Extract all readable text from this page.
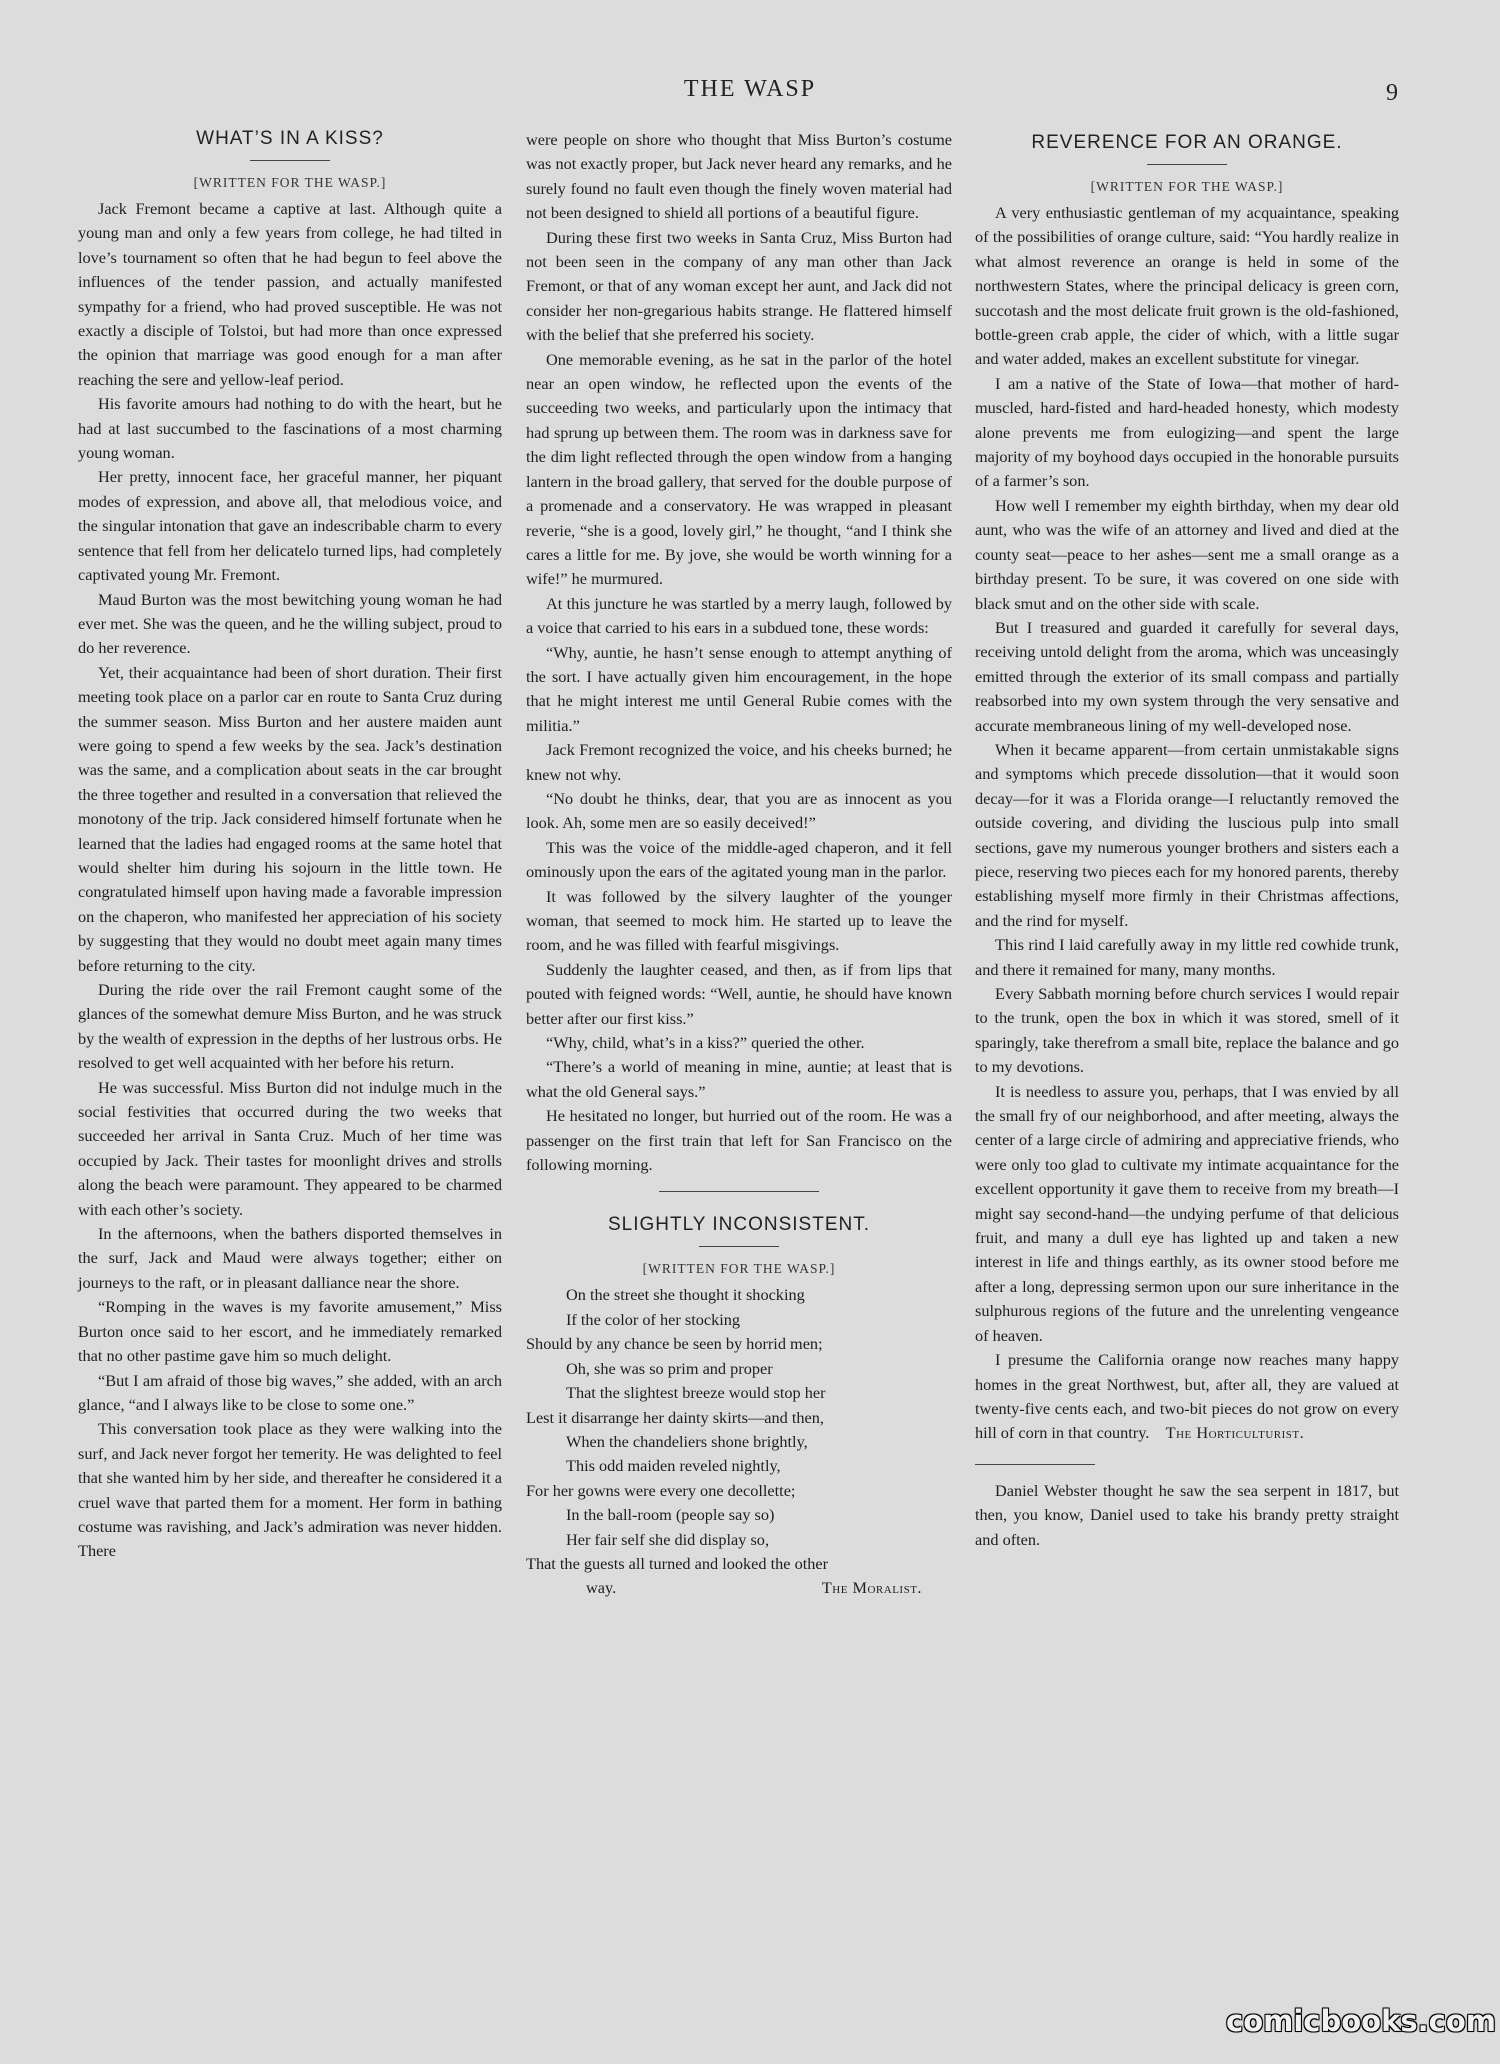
THE WASP	9
WHAT’S IN A KISS?
[WRITTEN FOR THE WASP.]

Jack Fremont became a captive at last. Although quite a young man and only a few years from college, he had tilted in love’s tournament so often that he had begun to feel above the influences of the tender passion, and actually manifested sympathy for a friend, who had proved susceptible. He was not exactly a disciple of Tolstoi, but had more than once expressed the opinion that marriage was good enough for a man after reaching the sere and yellow-leaf period.

His favorite amours had nothing to do with the heart, but he had at last succumbed to the fascinations of a most charming young woman.

Her pretty, innocent face, her graceful manner, her piquant modes of expression, and above all, that melodious voice, and the singular intonation that gave an indescribable charm to every sentence that fell from her delicatelo turned lips, had completely captivated young Mr. Fremont.

Maud Burton was the most bewitching young woman he had ever met. She was the queen, and he the willing subject, proud to do her reverence.

Yet, their acquaintance had been of short duration. Their first meeting took place on a parlor car en route to Santa Cruz during the summer season. Miss Burton and her austere maiden aunt were going to spend a few weeks by the sea. Jack’s destination was the same, and a complication about seats in the car brought the three together and resulted in a conversation that relieved the monotony of the trip. Jack considered himself fortunate when he learned that the ladies had engaged rooms at the same hotel that would shelter him during his sojourn in the little town. He congratulated himself upon having made a favorable impression on the chaperon, who manifested her appreciation of his society by suggesting that they would no doubt meet again many times before returning to the city.

During the ride over the rail Fremont caught some of the glances of the somewhat demure Miss Burton, and he was struck by the wealth of expression in the depths of her lustrous orbs. He resolved to get well acquainted with her before his return.

He was successful. Miss Burton did not indulge much in the social festivities that occurred during the two weeks that succeeded her arrival in Santa Cruz. Much of her time was occupied by Jack. Their tastes for moonlight drives and strolls along the beach were paramount. They appeared to be charmed with each other’s society.

In the afternoons, when the bathers disported themselves in the surf, Jack and Maud were always together; either on journeys to the raft, or in pleasant dalliance near the shore.

“Romping in the waves is my favorite amusement,” Miss Burton once said to her escort, and he immediately remarked that no other pastime gave him so much delight.

“But I am afraid of those big waves,” she added, with an arch glance, “and I always like to be close to some one.”

This conversation took place as they were walking into the surf, and Jack never forgot her temerity. He was delighted to feel that she wanted him by her side, and thereafter he considered it a cruel wave that parted them for a moment. Her form in bathing costume was ravishing, and Jack’s admiration was never hidden. There

were people on shore who thought that Miss Burton’s costume was not exactly proper, but Jack never heard any remarks, and he surely found no fault even though the finely woven material had not been designed to shield all portions of a beautiful figure.

During these first two weeks in Santa Cruz, Miss Burton had not been seen in the company of any man other than Jack Fremont, or that of any woman except her aunt, and Jack did not consider her non-gregarious habits strange. He flattered himself with the belief that she preferred his society.

One memorable evening, as he sat in the parlor of the hotel near an open window, he reflected upon the events of the succeeding two weeks, and particularly upon the intimacy that had sprung up between them. The room was in darkness save for the dim light reflected through the open window from a hanging lantern in the broad gallery, that served for the double purpose of a promenade and a conservatory. He was wrapped in pleasant reverie, “she is a good, lovely girl,” he thought, “and I think she cares a little for me. By jove, she would be worth winning for a wife!” he murmured.

At this juncture he was startled by a merry laugh, followed by a voice that carried to his ears in a subdued tone, these words:

“Why, auntie, he hasn’t sense enough to attempt anything of the sort. I have actually given him encouragement, in the hope that he might interest me until General Rubie comes with the militia.”

Jack Fremont recognized the voice, and his cheeks burned; he knew not why.

“No doubt he thinks, dear, that you are as innocent as you look. Ah, some men are so easily deceived!”

This was the voice of the middle-aged chaperon, and it fell ominously upon the ears of the agitated young man in the parlor.

It was followed by the silvery laughter of the younger woman, that seemed to mock him. He started up to leave the room, and he was filled with fearful misgivings.

Suddenly the laughter ceased, and then, as if from lips that pouted with feigned words: “Well, auntie, he should have known better after our first kiss.”

“Why, child, what’s in a kiss?” queried the other.

“There’s a world of meaning in mine, auntie; at least that is what the old General says.”

He hesitated no longer, but hurried out of the room. He was a passenger on the first train that left for San Francisco on the following morning.

SLIGHTLY INCONSISTENT.
[WRITTEN FOR THE WASP.]
On the street she thought it shocking
If the color of her stocking
Should by any chance be seen by horrid men;
Oh, she was so prim and proper
That the slightest breeze would stop her
Lest it disarrange her dainty skirts—and then,
When the chandeliers shone brightly,
This odd maiden reveled nightly,
For her gowns were every one decollette;
In the ball-room (people say so)
Her fair self she did display so,
That the guests all turned and looked the other
way.	The Moralist.
REVERENCE FOR AN ORANGE.
[WRITTEN FOR THE WASP.]

A very enthusiastic gentleman of my acquaintance, speaking of the possibilities of orange culture, said: “You hardly realize in what almost reverence an orange is held in some of the northwestern States, where the principal delicacy is green corn, succotash and the most delicate fruit grown is the old-fashioned, bottle-green crab apple, the cider of which, with a little sugar and water added, makes an excellent substitute for vinegar.

I am a native of the State of Iowa—that mother of hard-muscled, hard-fisted and hard-headed honesty, which modesty alone prevents me from eulogizing—and spent the large majority of my boyhood days occupied in the honorable pursuits of a farmer’s son.

How well I remember my eighth birthday, when my dear old aunt, who was the wife of an attorney and lived and died at the county seat—peace to her ashes—sent me a small orange as a birthday present. To be sure, it was covered on one side with black smut and on the other side with scale.

But I treasured and guarded it carefully for several days, receiving untold delight from the aroma, which was unceasingly emitted through the exterior of its small compass and partially reabsorbed into my own system through the very sensative and accurate membraneous lining of my well-developed nose.

When it became apparent—from certain unmistakable signs and symptoms which precede dissolution—that it would soon decay—for it was a Florida orange—I reluctantly removed the outside covering, and dividing the luscious pulp into small sections, gave my numerous younger brothers and sisters each a piece, reserving two pieces each for my honored parents, thereby establishing myself more firmly in their Christmas affections, and the rind for myself.

This rind I laid carefully away in my little red cowhide trunk, and there it remained for many, many months.

Every Sabbath morning before church services I would repair to the trunk, open the box in which it was stored, smell of it sparingly, take therefrom a small bite, replace the balance and go to my devotions.

It is needless to assure you, perhaps, that I was envied by all the small fry of our neighborhood, and after meeting, always the center of a large circle of admiring and appreciative friends, who were only too glad to cultivate my intimate acquaintance for the excellent opportunity it gave them to receive from my breath—I might say second-hand—the undying perfume of that delicious fruit, and many a dull eye has lighted up and taken a new interest in life and things earthly, as its owner stood before me after a long, depressing sermon upon our sure inheritance in the sulphurous regions of the future and the unrelenting vengeance of heaven.

I presume the California orange now reaches many happy homes in the great Northwest, but, after all, they are valued at twenty-five cents each, and two-bit pieces do not grow on every hill of corn in that country. The Horticulturist.

Daniel Webster thought he saw the sea serpent in 1817, but then, you know, Daniel used to take his brandy pretty straight and often.

comicbooks.com
